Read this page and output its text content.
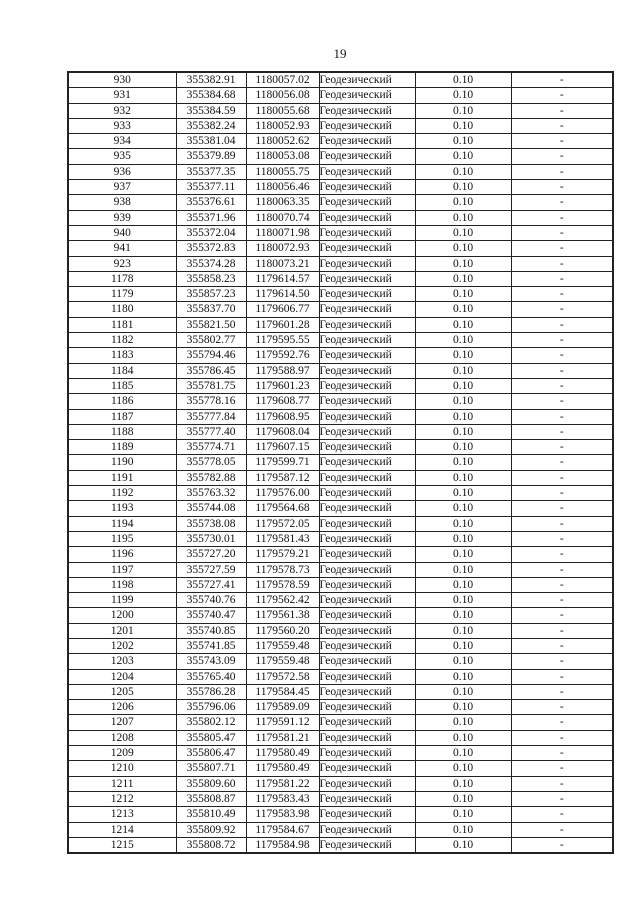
19
930	355382.91	1180057.02	Геодезический	0.10	-
931	355384.68	1180056.08	Геодезический	0.10	-
932	355384.59	1180055.68	Геодезический	0.10	-
933	355382.24	1180052.93	Геодезический	0.10	-
934	355381.04	1180052.62	Геодезический	0.10	-
935	355379.89	1180053.08	Геодезический	0.10	-
936	355377.35	1180055.75	Геодезический	0.10	-
937	355377.11	1180056.46	Геодезический	0.10	-
938	355376.61	1180063.35	Геодезический	0.10	-
939	355371.96	1180070.74	Геодезический	0.10	-
940	355372.04	1180071.98	Геодезический	0.10	-
941	355372.83	1180072.93	Геодезический	0.10	-
923	355374.28	1180073.21	Геодезический	0.10	-
1178	355858.23	1179614.57	Геодезический	0.10	-
1179	355857.23	1179614.50	Геодезический	0.10	-
1180	355837.70	1179606.77	Геодезический	0.10	-
1181	355821.50	1179601.28	Геодезический	0.10	-
1182	355802.77	1179595.55	Геодезический	0.10	-
1183	355794.46	1179592.76	Геодезический	0.10	-
1184	355786.45	1179588.97	Геодезический	0.10	-
1185	355781.75	1179601.23	Геодезический	0.10	-
1186	355778.16	1179608.77	Геодезический	0.10	-
1187	355777.84	1179608.95	Геодезический	0.10	-
1188	355777.40	1179608.04	Геодезический	0.10	-
1189	355774.71	1179607.15	Геодезический	0.10	-
1190	355778.05	1179599.71	Геодезический	0.10	-
1191	355782.88	1179587.12	Геодезический	0.10	-
1192	355763.32	1179576.00	Геодезический	0.10	-
1193	355744.08	1179564.68	Геодезический	0.10	-
1194	355738.08	1179572.05	Геодезический	0.10	-
1195	355730.01	1179581.43	Геодезический	0.10	-
1196	355727.20	1179579.21	Геодезический	0.10	-
1197	355727.59	1179578.73	Геодезический	0.10	-
1198	355727.41	1179578.59	Геодезический	0.10	-
1199	355740.76	1179562.42	Геодезический	0.10	-
1200	355740.47	1179561.38	Геодезический	0.10	-
1201	355740.85	1179560.20	Геодезический	0.10	-
1202	355741.85	1179559.48	Геодезический	0.10	-
1203	355743.09	1179559.48	Геодезический	0.10	-
1204	355765.40	1179572.58	Геодезический	0.10	-
1205	355786.28	1179584.45	Геодезический	0.10	-
1206	355796.06	1179589.09	Геодезический	0.10	-
1207	355802.12	1179591.12	Геодезический	0.10	-
1208	355805.47	1179581.21	Геодезический	0.10	-
1209	355806.47	1179580.49	Геодезический	0.10	-
1210	355807.71	1179580.49	Геодезический	0.10	-
1211	355809.60	1179581.22	Геодезический	0.10	-
1212	355808.87	1179583.43	Геодезический	0.10	-
1213	355810.49	1179583.98	Геодезический	0.10	-
1214	355809.92	1179584.67	Геодезический	0.10	-
1215	355808.72	1179584.98	Геодезический	0.10	-
